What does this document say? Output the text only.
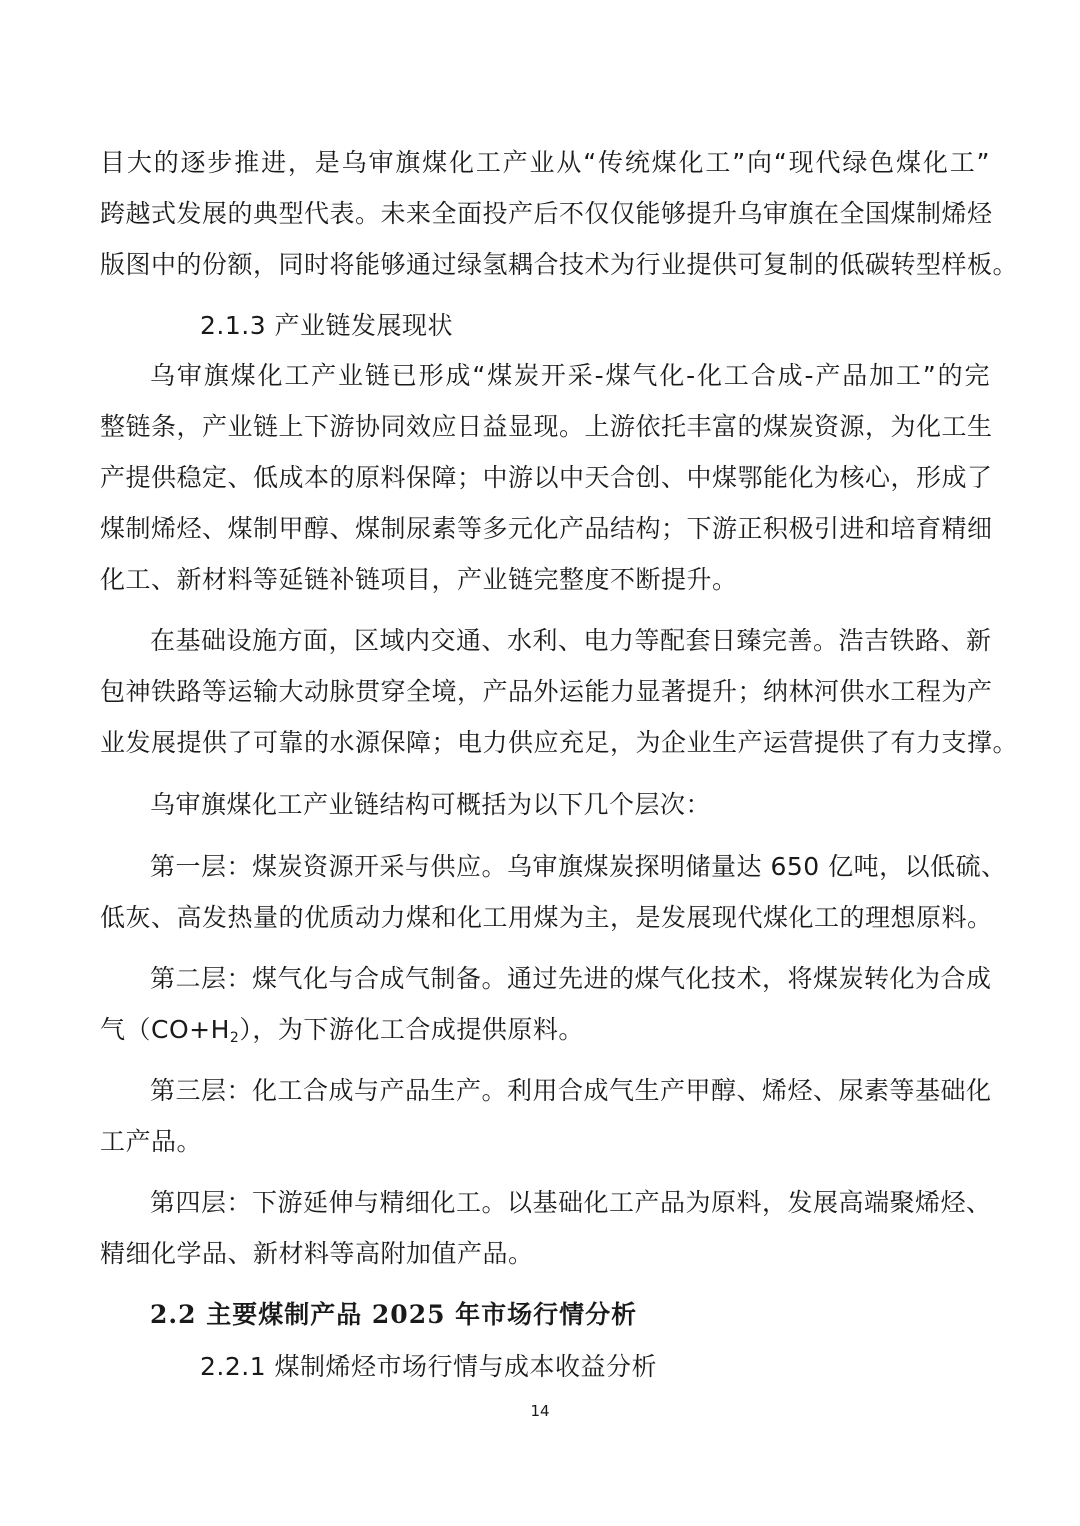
目大的逐步推进，是乌审旗煤化工产业从“传统煤化工”向“现代绿色煤化工”
跨越式发展的典型代表。未来全面投产后不仅仅能够提升乌审旗在全国煤制烯烃
版图中的份额，同时将能够通过绿氢耦合技术为行业提供可复制的低碳转型样板。
2.1.3 产业链发展现状
乌审旗煤化工产业链已形成“煤炭开采-煤气化-化工合成-产品加工”的完
整链条，产业链上下游协同效应日益显现。上游依托丰富的煤炭资源，为化工生
产提供稳定、低成本的原料保障；中游以中天合创、中煤鄂能化为核心，形成了
煤制烯烃、煤制甲醇、煤制尿素等多元化产品结构；下游正积极引进和培育精细
化工、新材料等延链补链项目，产业链完整度不断提升。
在基础设施方面，区域内交通、水利、电力等配套日臻完善。浩吉铁路、新
包神铁路等运输大动脉贯穿全境，产品外运能力显著提升；纳林河供水工程为产
业发展提供了可靠的水源保障；电力供应充足，为企业生产运营提供了有力支撑。
乌审旗煤化工产业链结构可概括为以下几个层次：
第一层：煤炭资源开采与供应。乌审旗煤炭探明储量达 650 亿吨，以低硫、
低灰、高发热量的优质动力煤和化工用煤为主，是发展现代煤化工的理想原料。
第二层：煤气化与合成气制备。通过先进的煤气化技术，将煤炭转化为合成
气$(CO+H_2)$，为下游化工合成提供原料。
第三层：化工合成与产品生产。利用合成气生产甲醇、烯烃、尿素等基础化
工产品。
第四层：下游延伸与精细化工。以基础化工产品为原料，发展高端聚烯烃、
精细化学品、新材料等高附加值产品。
2.2 主要煤制产品 2025 年市场行情分析
2.2.1 煤制烯烃市场行情与成本收益分析
14
